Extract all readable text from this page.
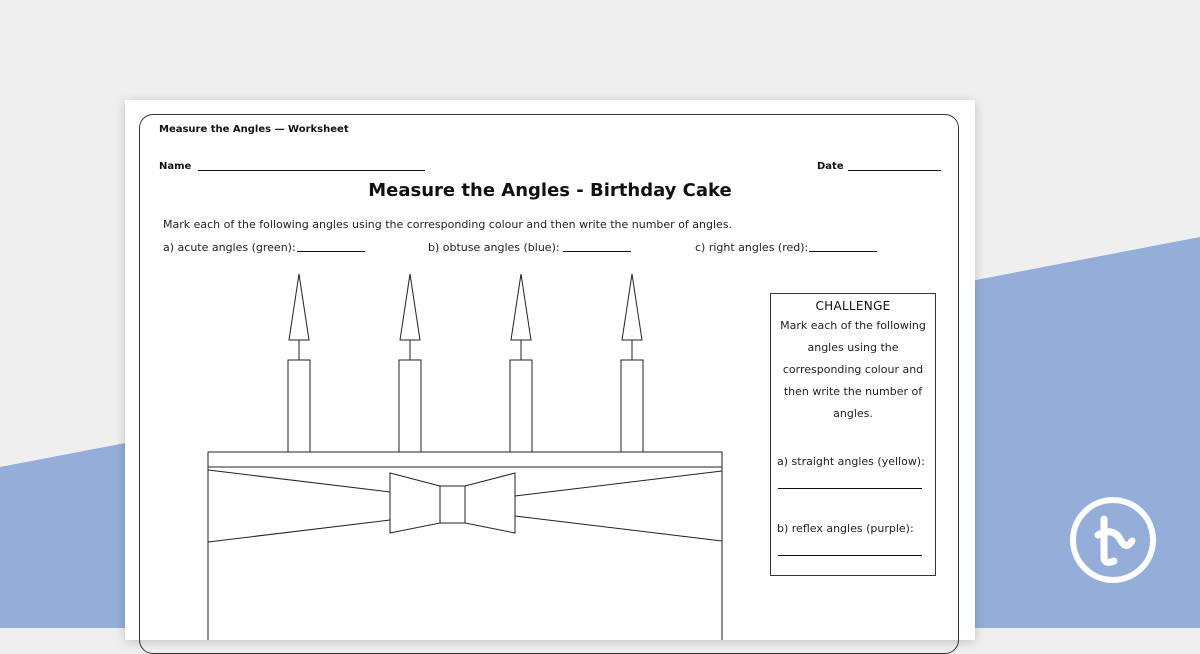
Measure the Angles — Worksheet
Name	Date
Measure the Angles - Birthday Cake
Mark each of the following angles using the corresponding colour and then write the number of angles.
a) acute angles (green):	b) obtuse angles (blue):	c) right angles (red):
CHALLENGE
Mark each of the following angles using the corresponding colour and then write the number of angles.
a) straight angles (yellow):
b) reflex angles (purple):
